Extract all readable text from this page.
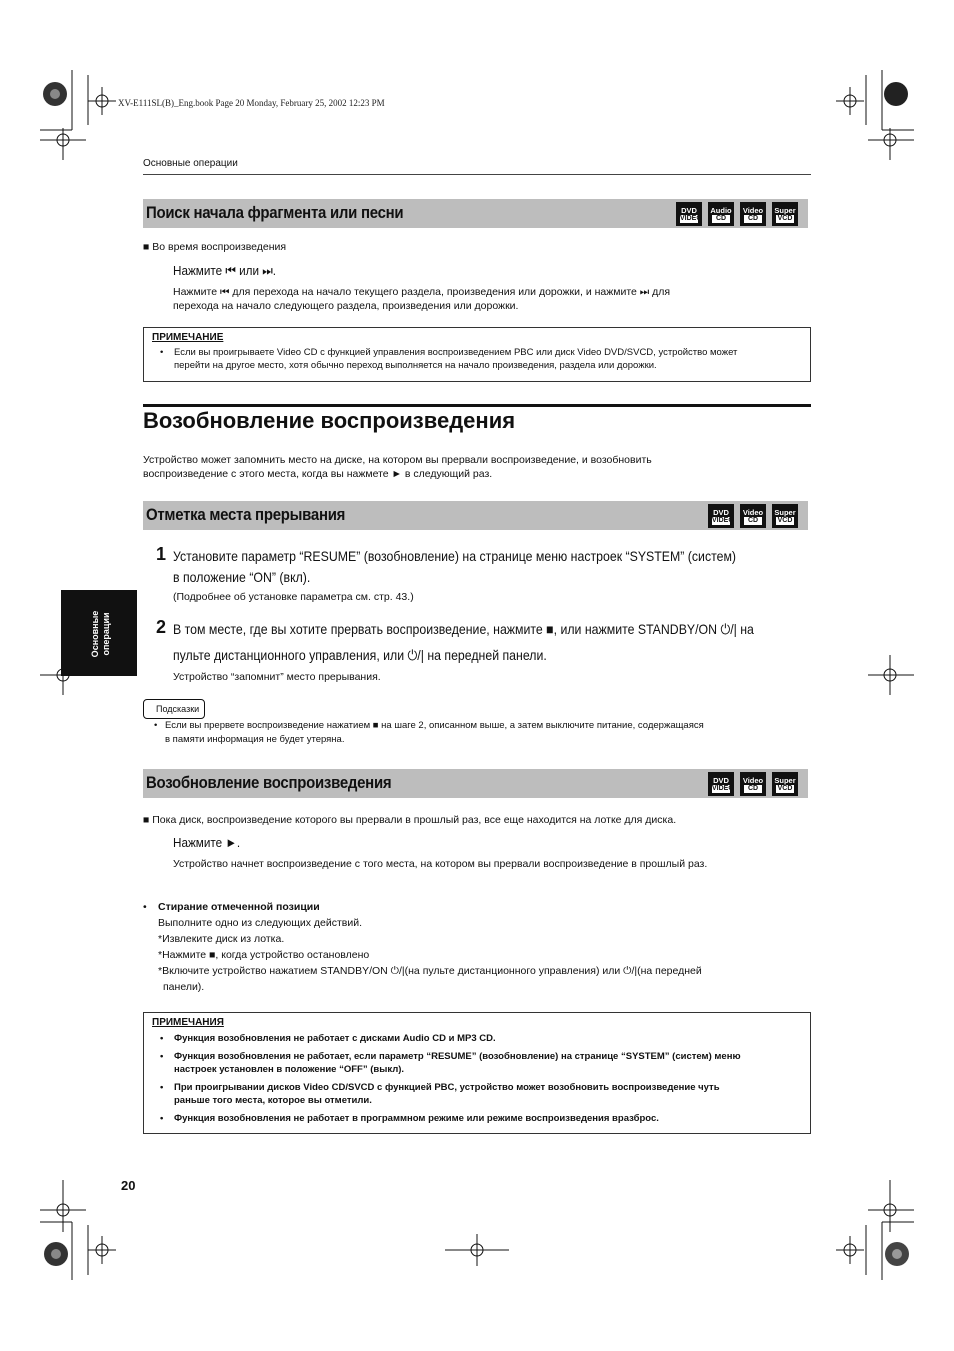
XV-E111SL(B)_Eng.book Page 20 Monday, February 25, 2002 12:23 PM
Основные операции
Поиск начала фрагмента или песни	DVD
VIDEO
Audio
CD
Video
CD
Super
VCD
■ Во время воспроизведения
Нажмите ⏮ или ⏭.
Нажмите ⏮ для перехода на начало текущего раздела, произведения или дорожки, и нажмите ⏭ для
перехода на начало следующего раздела, произведения или дорожки.
ПРИМЕЧАНИЕ
• Если вы проигрываете Video CD с функцией управления воспроизведением PBC или диск Video DVD/SVCD, устройство может
перейти на другое место, хотя обычно переход выполняется на начало произведения, раздела или дорожки.
Возобновление воспроизведения
Устройство может запомнить место на диске, на котором вы прервали воспроизведение, и возобновить
воспроизведение с этого места, когда вы нажмете ► в следующий раз.
Отметка места прерывания	DVD
VIDEO
Video
CD
Super
VCD
1 Установите параметр “RESUME” (возобновление) на странице меню настроек “SYSTEM” (систем)
в положение “ON” (вкл).
(Подробнее об установке параметра см. стр. 43.)
2 В том месте, где вы хотите прервать воспроизведение, нажмите ■, или нажмите STANDBY/ON ⏻/| на
пульте дистанционного управления, или ⏻/| на передней панели.
Устройство “запомнит” место прерывания.
Подсказки
• Если вы прервете воспроизведение нажатием ■ на шаге 2, описанном выше, а затем выключите питание, содержащаяся
в памяти информация не будет утеряна.
Основные операции
Возобновление воспроизведения	DVD
VIDEO
Video
CD
Super
VCD
■ Пока диск, воспроизведение которого вы прервали в прошлый раз, все еще находится на лотке для диска.
Нажмите ►.
Устройство начнет воспроизведение с того места, на котором вы прервали воспроизведение в прошлый раз.
• Стирание отмеченной позиции
Выполните одно из следующих действий.
*Извлеките диск из лотка.
*Нажмите ■, когда устройство остановлено
*Включите устройство нажатием STANDBY/ON ⏻/|(на пульте дистанционного управления) или ⏻/|(на передней
панели).
ПРИМЕЧАНИЯ
• Функция возобновления не работает с дисками Audio CD и MP3 CD.
• Функция возобновления не работает, если параметр “RESUME” (возобновление) на странице “SYSTEM” (систем) меню
настроек установлен в положение “OFF” (выкл).
• При проигрывании дисков Video CD/SVCD с функцией PBC, устройство может возобновить воспроизведение чуть
раньше того места, которое вы отметили.
• Функция возобновления не работает в программном режиме или режиме воспроизведения вразброс.
20
